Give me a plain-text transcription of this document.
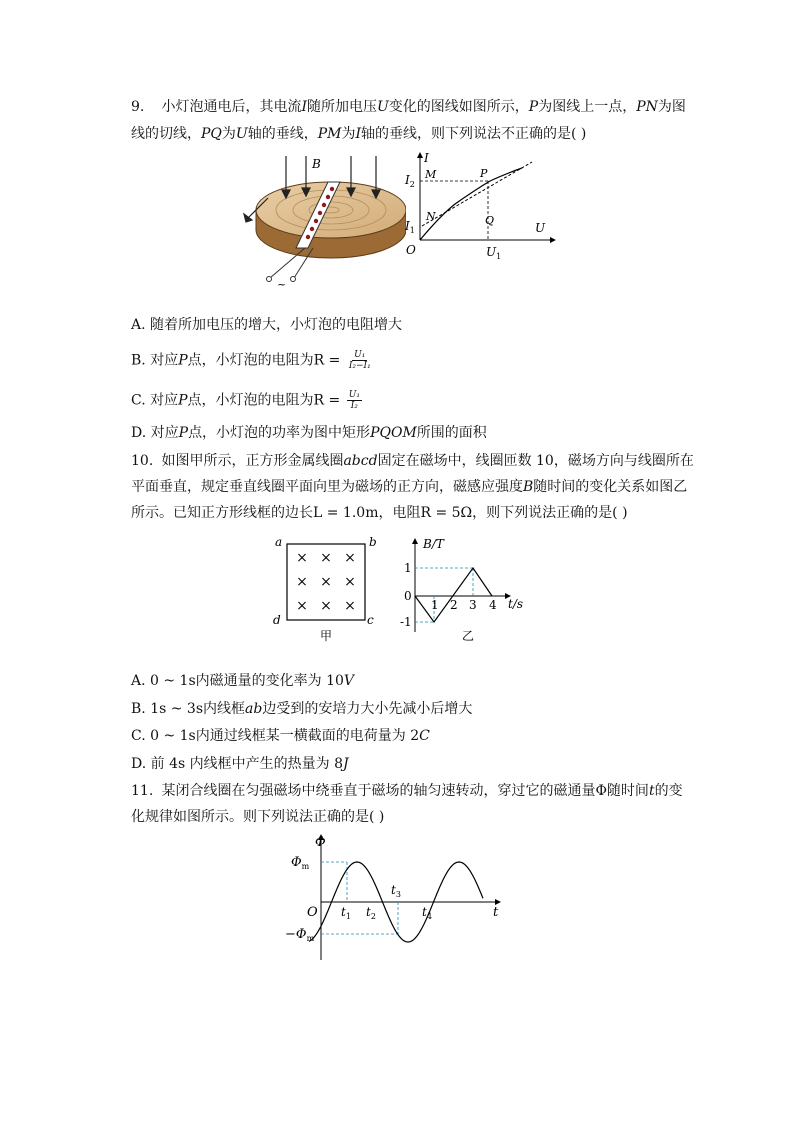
9. 小灯泡通电后，其电流I随所加电压U变化的图线如图所示，P为图线上一点，PN为图
线的切线，PQ为U轴的垂线，PM为I轴的垂线，则下列说法不正确的是( )
~
B	I
$I_2$
$I_1$
M	P
N	Q
O
U
$U_1$
A. 随着所加电压的增大，小灯泡的电阻增大
B. 对应P点，小灯泡的电阻为$R = \frac{\text{U₁}}{\text{I₂−I₁}}$
C. 对应P点，小灯泡的电阻为$R = \frac{\text{U₁}}{\text{I₂}}$
D. 对应P点，小灯泡的功率为图中矩形PQOM所围的面积
10. 如图甲所示，正方形金属线圈abcd固定在磁场中，线圈匝数 10，磁场方向与线圈所在
平面垂直，规定垂直线圈平面向里为磁场的正方向，磁感应强度B随时间的变化关系如图乙
所示。已知正方形线框的边长L = 1.0m，电阻R = 5Ω，则下列说法正确的是( )
× × ×
× × ×
× × ×
a	b
c
d
甲
B/T
t/s
1
-1
0
1 2 3 4
乙
A. 0 ~ 1s内磁通量的变化率为 10V
B. 1s ~ 3s内线框ab边受到的安培力大小先减小后增大
C. 0 ~ 1s内通过线框某一横截面的电荷量为 2C
D. 前 4s 内线框中产生的热量为 8J
11. 某闭合线圈在匀强磁场中绕垂直于磁场的轴匀速转动，穿过它的磁通量Φ随时间t的变
化规律如图所示。则下列说法正确的是( )
Φ
$\Phi_m$
$-\Phi_m$
O	t
$t_1$ $t_2$
$t_3$
$t_4$
